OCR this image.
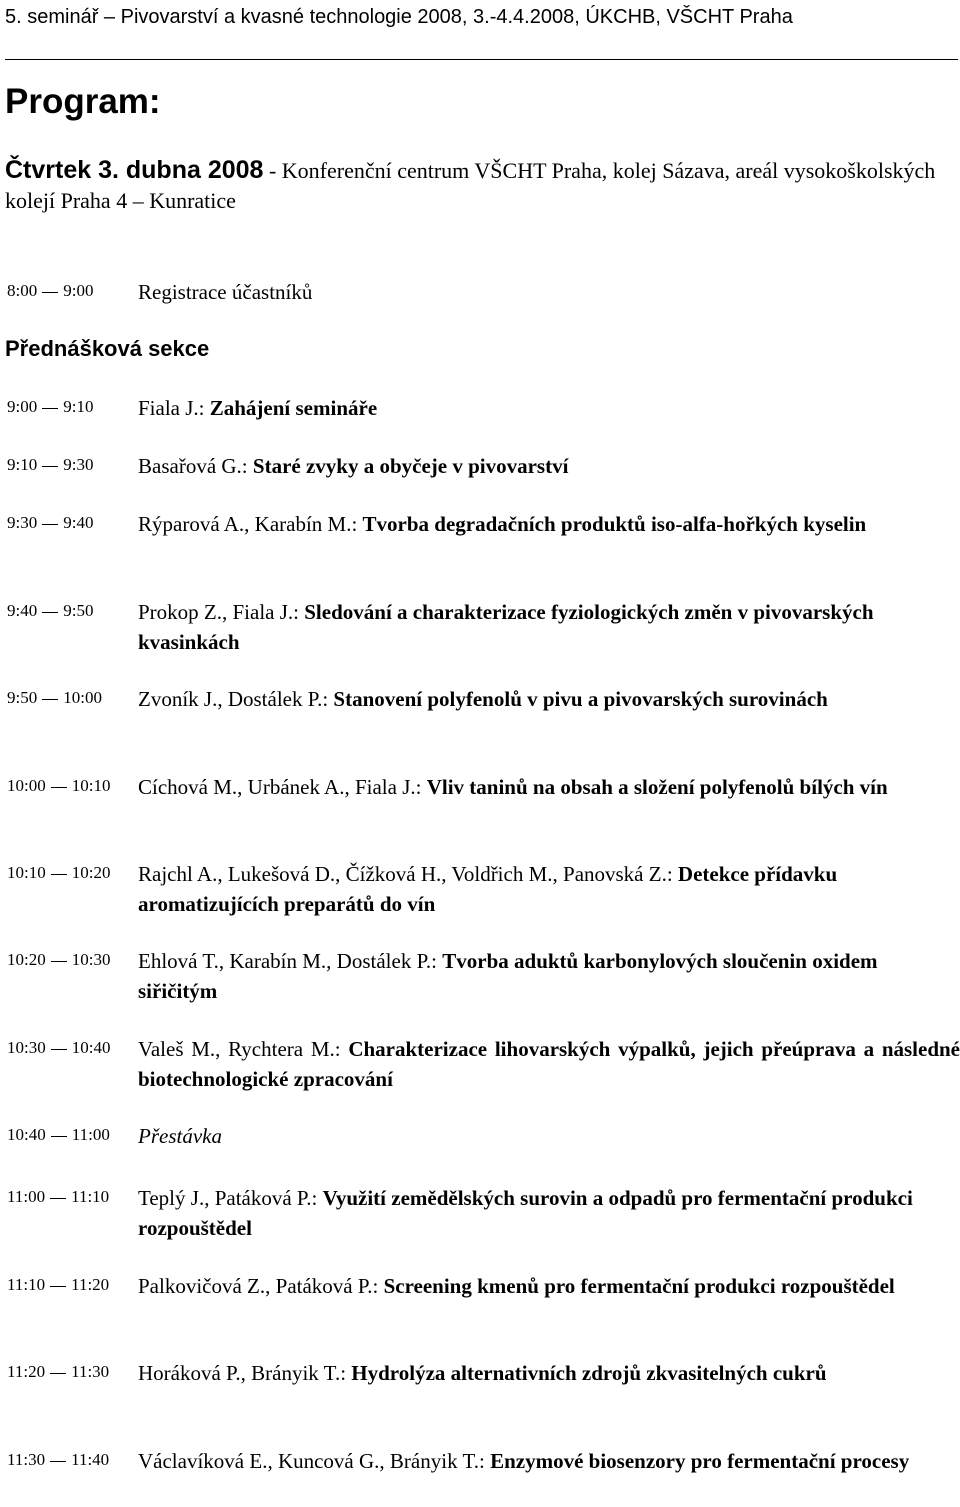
5. seminář – Pivovarství a kvasné technologie 2008, 3.-4.4.2008, ÚKCHB, VŠCHT Praha
Program:
Čtvrtek 3. dubna 2008 - Konferenční centrum VŠCHT Praha, kolej Sázava, areál vysokoškolských kolejí Praha 4 – Kunratice
8:00 9:00	Registrace účastníků
Přednášková sekce
9:00 9:10	Fiala J.: Zahájení semináře
9:10 9:30	Basařová G.: Staré zvyky a obyčeje v pivovarství
9:30 9:40	Rýparová A., Karabín M.: Tvorba degradačních produktů iso-alfa-hořkých kyselin
9:40 9:50	Prokop Z., Fiala J.: Sledování a charakterizace fyziologických změn v pivovarských kvasinkách
9:50 10:00	Zvoník J., Dostálek P.: Stanovení polyfenolů v pivu a pivovarských surovinách
10:00 10:10	Cíchová M., Urbánek A., Fiala J.: Vliv taninů na obsah a složení polyfenolů bílých vín
10:10 10:20	Rajchl A., Lukešová D., Čížková H., Voldřich M., Panovská Z.: Detekce přídavku aromatizujících preparátů do vín
10:20 10:30	Ehlová T., Karabín M., Dostálek P.: Tvorba aduktů karbonylových sloučenin oxidem siřičitým
10:30 10:40	Valeš M., Rychtera M.: Charakterizace lihovarských výpalků, jejich přeúprava a následné biotechnologické zpracování
10:40 11:00	Přestávka
11:00 11:10	Teplý J., Patáková P.: Využití zemědělských surovin a odpadů pro fermentační produkci rozpouštědel
11:10 11:20	Palkovičová Z., Patáková P.: Screening kmenů pro fermentační produkci rozpouštědel
11:20 11:30	Horáková P., Brányik T.: Hydrolýza alternativních zdrojů zkvasitelných cukrů
11:30 11:40	Václavíková E., Kuncová G., Brányik T.: Enzymové biosenzory pro fermentační procesy
